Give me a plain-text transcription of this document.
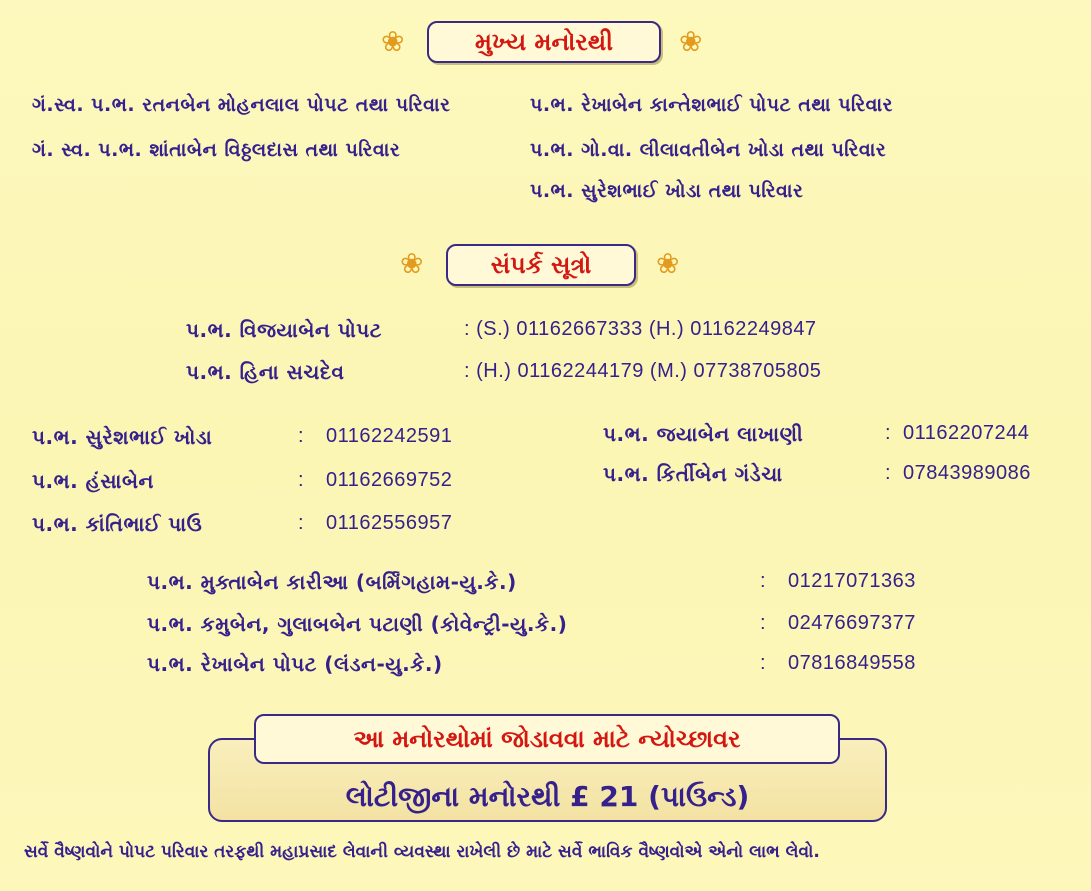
❀	મુખ્ય મનોરથી	❀
ગં.સ્વ. પ.ભ. રતનબેન મોહનલાલ પોપટ તથા પરિવાર
ગં. સ્વ. પ.ભ. શાંતાબેન વિઠ્ઠલદાસ તથા પરિવાર
પ.ભ. રેખાબેન કાન્તેશભાઈ પોપટ તથા પરિવાર
પ.ભ. ગો.વા. લીલાવતીબેન ખોડા તથા પરિવાર
પ.ભ. સુરેશભાઈ ખોડા તથા પરિવાર
❀	સંપર્ક સૂત્રો	❀
પ.ભ. વિજયાબેન પોપટ	: (S.) 01162667333 (H.) 01162249847
પ.ભ. હિના સચદેવ	: (H.) 01162244179 (M.) 07738705805
પ.ભ. સુરેશભાઈ ખોડા	: 01162242591
પ.ભ. હંસાબેન	: 01162669752
પ.ભ. કાંતિભાઈ પાઉ	: 01162556957
પ.ભ. જયાબેન લાખાણી	: 01162207244
પ.ભ. કિર્તીબેન ગંડેચા	: 07843989086
પ.ભ. મુક્તાબેન કારીઆ (બર્મિંગહામ-યુ.કે.)	: 01217071363
પ.ભ. કમુબેન, ગુલાબબેન પટાણી (કોવેન્ટ્રી-યુ.કે.)	: 02476697377
પ.ભ. રેખાબેન પોપટ (લંડન-યુ.કે.)	: 07816849558
લોટીજીના મનોરથી £ 21 (પાઉન્ડ)
આ મનોરથોમાં જોડાવવા માટે ન્યોચ્છાવર
સર્વે વૈષ્ણવોને પોપટ પરિવાર તરફથી મહાપ્રસાદ લેવાની વ્યવસ્થા રાખેલી છે માટે સર્વે ભાવિક વૈષ્ણવોએ એનો લાભ લેવો.
